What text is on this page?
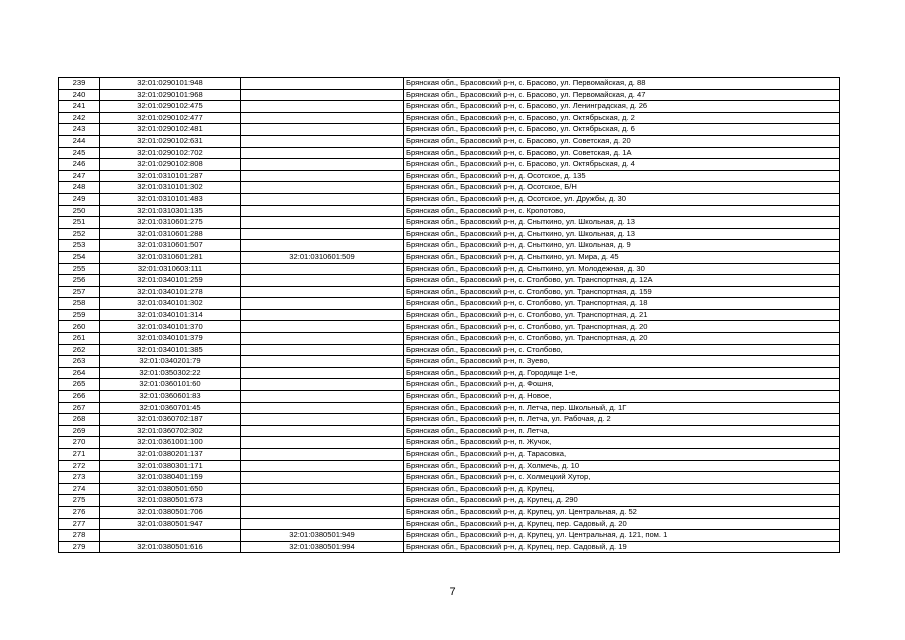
239	32:01:0290101:948		Брянская обл., Брасовский р-н, с. Брасово, ул. Первомайская, д. 88
240	32:01:0290101:968		Брянская обл., Брасовский р-н, с. Брасово, ул. Первомайская, д. 47
241	32:01:0290102:475		Брянская обл., Брасовский р-н, с. Брасово, ул. Ленинградская, д. 26
242	32:01:0290102:477		Брянская обл., Брасовский р-н, с. Брасово, ул. Октябрьская, д. 2
243	32:01:0290102:481		Брянская обл., Брасовский р-н, с. Брасово, ул. Октябрьская, д. 6
244	32:01:0290102:631		Брянская обл., Брасовский р-н, с. Брасово, ул. Советская, д. 20
245	32:01:0290102:702		Брянская обл., Брасовский р-н, с. Брасово, ул. Советская, д. 1А
246	32:01:0290102:808		Брянская обл., Брасовский р-н, с. Брасово, ул. Октябрьская, д. 4
247	32:01:0310101:287		Брянская обл., Брасовский р-н, д. Осотское, д. 135
248	32:01:0310101:302		Брянская обл., Брасовский р-н, д. Осотское, Б/Н
249	32:01:0310101:483		Брянская обл., Брасовский р-н, д. Осотское, ул. Дружбы, д. 30
250	32:01:0310301:135		Брянская обл., Брасовский р-н, с. Кропотово,
251	32:01:0310601:275		Брянская обл., Брасовский р-н, д. Сныткино, ул. Школьная, д. 13
252	32:01:0310601:288		Брянская обл., Брасовский р-н, д. Сныткино, ул. Школьная, д. 13
253	32:01:0310601:507		Брянская обл., Брасовский р-н, д. Сныткино, ул. Школьная, д. 9
254	32:01:0310601:281	32:01:0310601:509	Брянская обл., Брасовский р-н, д. Сныткино, ул. Мира, д. 45
255	32:01:0310603:111		Брянская обл., Брасовский р-н, д. Сныткино, ул. Молодежная, д. 30
256	32:01:0340101:259		Брянская обл., Брасовский р-н, с. Столбово, ул. Транспортная, д. 12А
257	32:01:0340101:278		Брянская обл., Брасовский р-н, с. Столбово, ул. Транспортная, д. 159
258	32:01:0340101:302		Брянская обл., Брасовский р-н, с. Столбово, ул. Транспортная, д. 18
259	32:01:0340101:314		Брянская обл., Брасовский р-н, с. Столбово, ул. Транспортная, д. 21
260	32:01:0340101:370		Брянская обл., Брасовский р-н, с. Столбово, ул. Транспортная, д. 20
261	32:01:0340101:379		Брянская обл., Брасовский р-н, с. Столбово, ул. Транспортная, д. 20
262	32:01:0340101:385		Брянская обл., Брасовский р-н, с. Столбово,
263	32:01:0340201:79		Брянская обл., Брасовский р-н, п. Зуево,
264	32:01:0350302:22		Брянская обл., Брасовский р-н, д. Городище 1-е,
265	32:01:0360101:60		Брянская обл., Брасовский р-н, д. Фошня,
266	32:01:0360601:83		Брянская обл., Брасовский р-н, д. Новое,
267	32:01:0360701:45		Брянская обл., Брасовский р-н, п. Летча, пер. Школьный, д. 1Г
268	32:01:0360702:187		Брянская обл., Брасовский р-н, п. Летча, ул. Рабочая, д. 2
269	32:01:0360702:302		Брянская обл., Брасовский р-н, п. Летча,
270	32:01:0361001:100		Брянская обл., Брасовский р-н, п. Жучок,
271	32:01:0380201:137		Брянская обл., Брасовский р-н, д. Тарасовка,
272	32:01:0380301:171		Брянская обл., Брасовский р-н, д. Холмечь, д. 10
273	32:01:0380401:159		Брянская обл., Брасовский р-н, с. Холмецкий Хутор,
274	32:01:0380501:650		Брянская обл., Брасовский р-н, д. Крупец,
275	32:01:0380501:673		Брянская обл., Брасовский р-н, д. Крупец, д. 290
276	32:01:0380501:706		Брянская обл., Брасовский р-н, д. Крупец, ул. Центральная, д. 52
277	32:01:0380501:947		Брянская обл., Брасовский р-н, д. Крупец, пер. Садовый, д. 20
278		32:01:0380501:949	Брянская обл., Брасовский р-н, д. Крупец, ул. Центральная, д. 121, пом. 1
279	32:01:0380501:616	32:01:0380501:994	Брянская обл., Брасовский р-н, д. Крупец, пер. Садовый, д. 19
7
